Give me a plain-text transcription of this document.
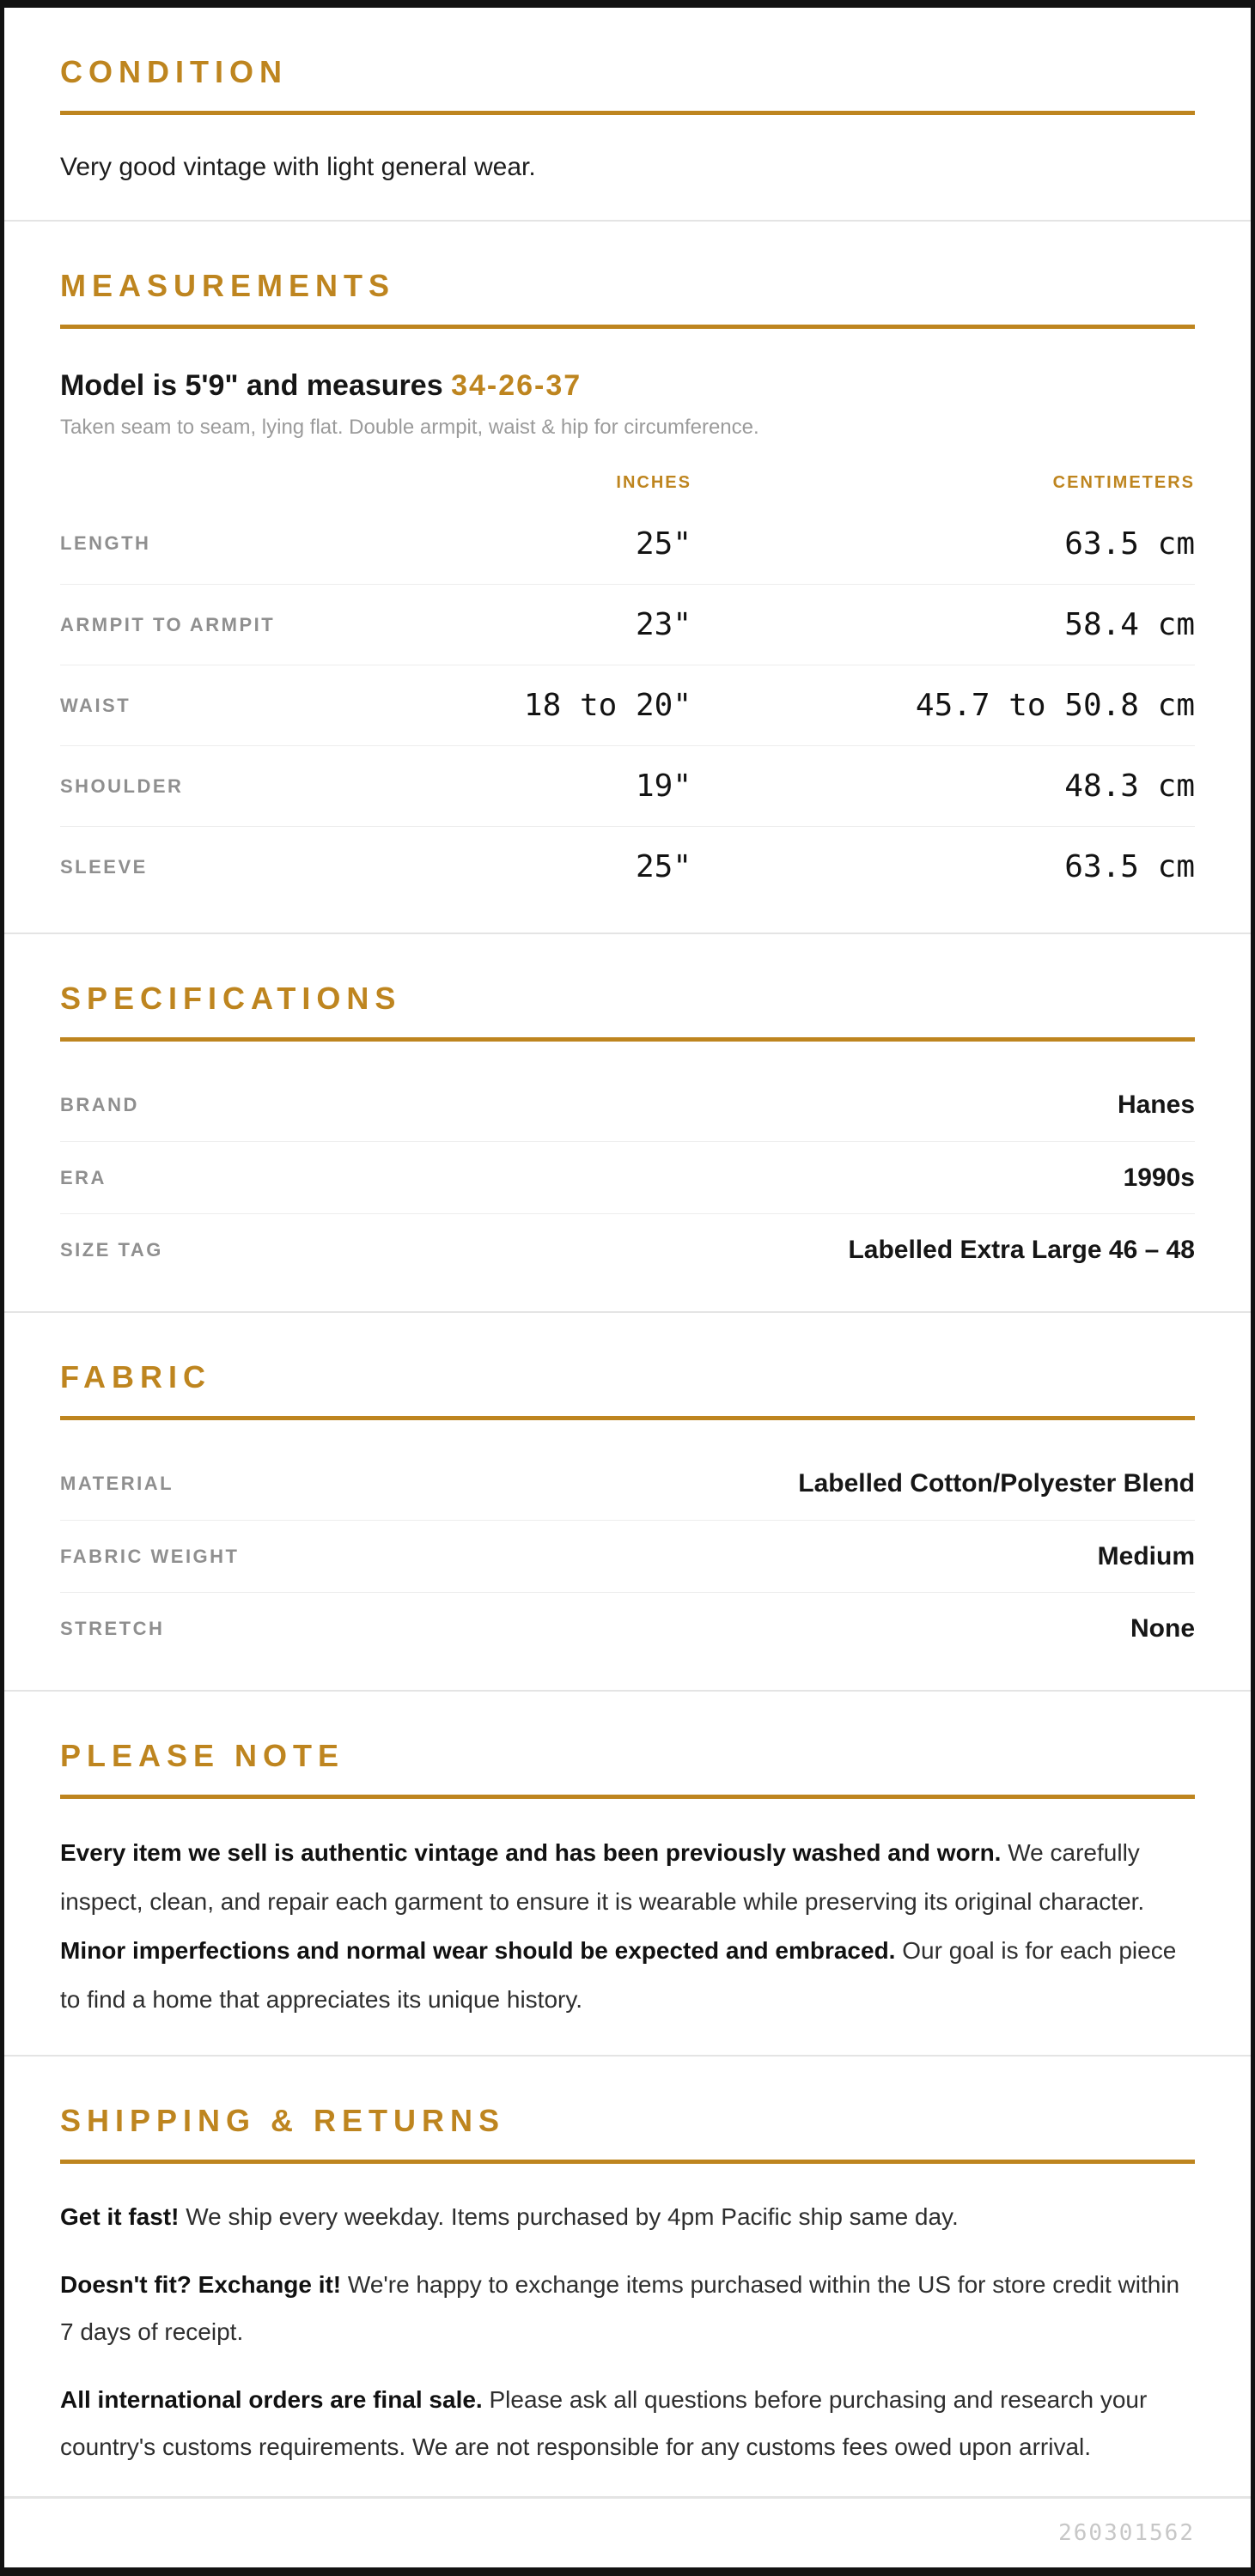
CONDITION

Very good vintage with light general wear.

MEASUREMENTS

Model is 5'9" and measures 34-26-37

Taken seam to seam, lying flat. Double armpit, waist & hip for circumference.

INCHES	CENTIMETERS
LENGTH	25"	63.5 cm
ARMPIT TO ARMPIT	23"	58.4 cm
WAIST	18 to 20"	45.7 to 50.8 cm
SHOULDER	19"	48.3 cm
SLEEVE	25"	63.5 cm
SPECIFICATIONS
BRAND	Hanes
ERA	1990s
SIZE TAG	Labelled Extra Large 46 – 48
FABRIC
MATERIAL	Labelled Cotton/Polyester Blend
FABRIC WEIGHT	Medium
STRETCH	None
PLEASE NOTE

Every item we sell is authentic vintage and has been previously washed and worn. We carefully inspect, clean, and repair each garment to ensure it is wearable while preserving its original character. Minor imperfections and normal wear should be expected and embraced. Our goal is for each piece to find a home that appreciates its unique history.

SHIPPING & RETURNS

Get it fast! We ship every weekday. Items purchased by 4pm Pacific ship same day.

Doesn't fit? Exchange it! We're happy to exchange items purchased within the US for store credit within 7 days of receipt.

All international orders are final sale. Please ask all questions before purchasing and research your country's customs requirements. We are not responsible for any customs fees owed upon arrival.

260301562
